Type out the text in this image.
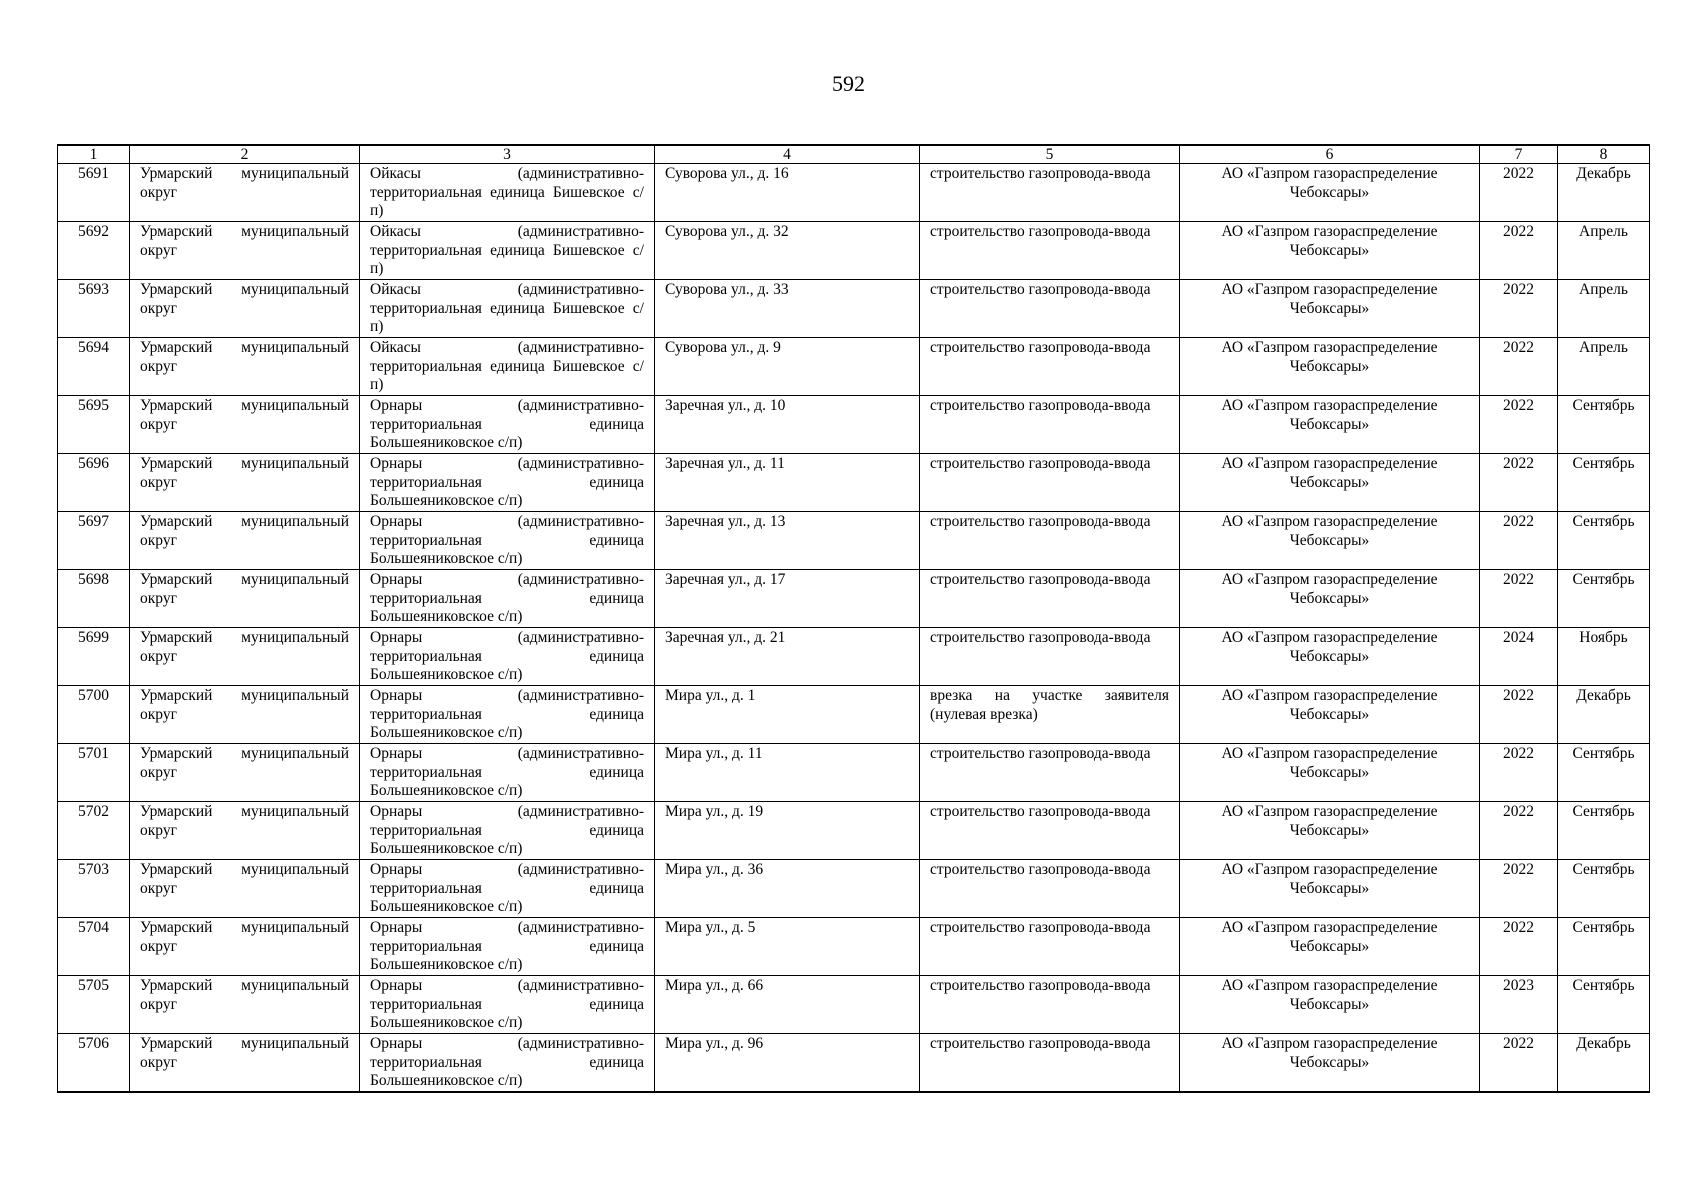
592
1	2	3	4	5	6	7	8
5691	Урмарский муниципальный округ	Ойкасы (административно-территориальная единица Бишевское с/п)	Суворова ул., д. 16	строительство газопровода-ввода	АО «Газпром газораспределение Чебоксары»	2022	Декабрь
5692	Урмарский муниципальный округ	Ойкасы (административно-территориальная единица Бишевское с/п)	Суворова ул., д. 32	строительство газопровода-ввода	АО «Газпром газораспределение Чебоксары»	2022	Апрель
5693	Урмарский муниципальный округ	Ойкасы (административно-территориальная единица Бишевское с/п)	Суворова ул., д. 33	строительство газопровода-ввода	АО «Газпром газораспределение Чебоксары»	2022	Апрель
5694	Урмарский муниципальный округ	Ойкасы (административно-территориальная единица Бишевское с/п)	Суворова ул., д. 9	строительство газопровода-ввода	АО «Газпром газораспределение Чебоксары»	2022	Апрель
5695	Урмарский муниципальный округ	Орнары (административно-территориальная единица Большеяниковское с/п)	Заречная ул., д. 10	строительство газопровода-ввода	АО «Газпром газораспределение Чебоксары»	2022	Сентябрь
5696	Урмарский муниципальный округ	Орнары (административно-территориальная единица Большеяниковское с/п)	Заречная ул., д. 11	строительство газопровода-ввода	АО «Газпром газораспределение Чебоксары»	2022	Сентябрь
5697	Урмарский муниципальный округ	Орнары (административно-территориальная единица Большеяниковское с/п)	Заречная ул., д. 13	строительство газопровода-ввода	АО «Газпром газораспределение Чебоксары»	2022	Сентябрь
5698	Урмарский муниципальный округ	Орнары (административно-территориальная единица Большеяниковское с/п)	Заречная ул., д. 17	строительство газопровода-ввода	АО «Газпром газораспределение Чебоксары»	2022	Сентябрь
5699	Урмарский муниципальный округ	Орнары (административно-территориальная единица Большеяниковское с/п)	Заречная ул., д. 21	строительство газопровода-ввода	АО «Газпром газораспределение Чебоксары»	2024	Ноябрь
5700	Урмарский муниципальный округ	Орнары (административно-территориальная единица Большеяниковское с/п)	Мира ул., д. 1	врезка на участке заявителя (нулевая врезка)	АО «Газпром газораспределение Чебоксары»	2022	Декабрь
5701	Урмарский муниципальный округ	Орнары (административно-территориальная единица Большеяниковское с/п)	Мира ул., д. 11	строительство газопровода-ввода	АО «Газпром газораспределение Чебоксары»	2022	Сентябрь
5702	Урмарский муниципальный округ	Орнары (административно-территориальная единица Большеяниковское с/п)	Мира ул., д. 19	строительство газопровода-ввода	АО «Газпром газораспределение Чебоксары»	2022	Сентябрь
5703	Урмарский муниципальный округ	Орнары (административно-территориальная единица Большеяниковское с/п)	Мира ул., д. 36	строительство газопровода-ввода	АО «Газпром газораспределение Чебоксары»	2022	Сентябрь
5704	Урмарский муниципальный округ	Орнары (административно-территориальная единица Большеяниковское с/п)	Мира ул., д. 5	строительство газопровода-ввода	АО «Газпром газораспределение Чебоксары»	2022	Сентябрь
5705	Урмарский муниципальный округ	Орнары (административно-территориальная единица Большеяниковское с/п)	Мира ул., д. 66	строительство газопровода-ввода	АО «Газпром газораспределение Чебоксары»	2023	Сентябрь
5706	Урмарский муниципальный округ	Орнары (административно-территориальная единица Большеяниковское с/п)	Мира ул., д. 96	строительство газопровода-ввода	АО «Газпром газораспределение Чебоксары»	2022	Декабрь
